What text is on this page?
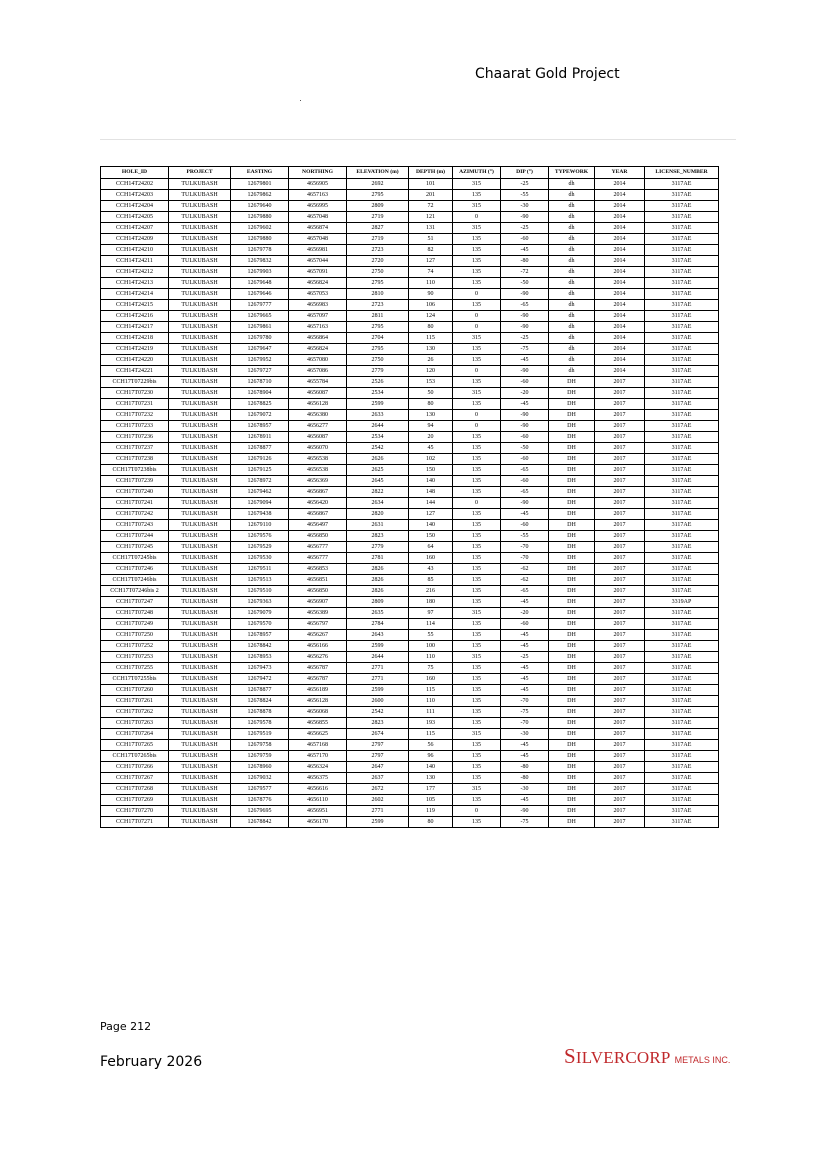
Chaarat Gold Project
HOLE_ID	PROJECT	EASTING	NORTHING	ELEVATION (m)	DEPTH (m)	AZIMUTH (°)	DIP (°)	TYPEWORK	YEAR	LICENSE_NUMBER
CCH14T24202	TULKUBASH	12679801	4656905	2692	101	315	-25	dh	2014	3117AE
CCH14T24203	TULKUBASH	12679862	4657163	2795	201	135	-55	dh	2014	3117AE
CCH14T24204	TULKUBASH	12679640	4656995	2809	72	315	-30	dh	2014	3117AE
CCH14T24205	TULKUBASH	12679880	4657048	2719	121	0	-90	dh	2014	3117AE
CCH14T24207	TULKUBASH	12679602	4656874	2827	131	315	-25	dh	2014	3117AE
CCH14T24209	TULKUBASH	12679880	4657048	2719	51	135	-60	dh	2014	3117AE
CCH14T24210	TULKUBASH	12679778	4656981	2723	82	135	-45	dh	2014	3117AE
CCH14T24211	TULKUBASH	12679832	4657044	2720	127	135	-80	dh	2014	3117AE
CCH14T24212	TULKUBASH	12679903	4657091	2750	74	135	-72	dh	2014	3117AE
CCH14T24213	TULKUBASH	12679648	4656824	2795	110	135	-50	dh	2014	3117AE
CCH14T24214	TULKUBASH	12679646	4657053	2810	90	0	-90	dh	2014	3117AE
CCH14T24215	TULKUBASH	12679777	4656983	2723	106	135	-65	dh	2014	3117AE
CCH14T24216	TULKUBASH	12679665	4657097	2811	124	0	-90	dh	2014	3117AE
CCH14T24217	TULKUBASH	12679861	4657163	2795	80	0	-90	dh	2014	3117AE
CCH14T24218	TULKUBASH	12679780	4656864	2704	115	315	-25	dh	2014	3117AE
CCH14T24219	TULKUBASH	12679647	4656824	2795	130	135	-75	dh	2014	3117AE
CCH14T24220	TULKUBASH	12679952	4657080	2750	26	135	-45	dh	2014	3117AE
CCH14T24221	TULKUBASH	12679727	4657086	2779	120	0	-90	dh	2014	3117AE
CCH17T07229bis	TULKUBASH	12678710	4655784	2526	153	135	-60	DH	2017	3117AE
CCH17T07230	TULKUBASH	12678904	4656087	2534	50	315	-20	DH	2017	3117AE
CCH17T07231	TULKUBASH	12678825	4656128	2599	80	135	-45	DH	2017	3117AE
CCH17T07232	TULKUBASH	12679072	4656380	2633	130	0	-90	DH	2017	3117AE
CCH17T07233	TULKUBASH	12678957	4656277	2644	94	0	-90	DH	2017	3117AE
CCH17T07236	TULKUBASH	12678911	4656087	2534	20	135	-60	DH	2017	3117AE
CCH17T07237	TULKUBASH	12678877	4656070	2542	45	135	-50	DH	2017	3117AE
CCH17T07238	TULKUBASH	12679126	4656538	2626	102	135	-60	DH	2017	3117AE
CCH17T07238bis	TULKUBASH	12679125	4656538	2625	150	135	-65	DH	2017	3117AE
CCH17T07239	TULKUBASH	12678972	4656369	2645	140	135	-60	DH	2017	3117AE
CCH17T07240	TULKUBASH	12679462	4656867	2822	148	135	-65	DH	2017	3117AE
CCH17T07241	TULKUBASH	12679094	4656420	2634	144	0	-90	DH	2017	3117AE
CCH17T07242	TULKUBASH	12679438	4656867	2820	127	135	-45	DH	2017	3117AE
CCH17T07243	TULKUBASH	12679110	4656497	2631	140	135	-60	DH	2017	3117AE
CCH17T07244	TULKUBASH	12679576	4656850	2823	150	135	-55	DH	2017	3117AE
CCH17T07245	TULKUBASH	12679529	4656777	2779	64	135	-70	DH	2017	3117AE
CCH17T07245bis	TULKUBASH	12679530	4656777	2781	160	135	-70	DH	2017	3117AE
CCH17T07246	TULKUBASH	12679511	4656853	2826	43	135	-62	DH	2017	3117AE
CCH17T07246bis	TULKUBASH	12679513	4656851	2826	85	135	-62	DH	2017	3117AE
CCH17T07246bis 2	TULKUBASH	12679510	4656850	2826	216	135	-65	DH	2017	3117AE
CCH17T07247	TULKUBASH	12679363	4656907	2809	180	135	-45	DH	2017	3319AP
CCH17T07248	TULKUBASH	12679079	4656389	2635	97	315	-20	DH	2017	3117AE
CCH17T07249	TULKUBASH	12679570	4656797	2784	114	135	-60	DH	2017	3117AE
CCH17T07250	TULKUBASH	12678957	4656267	2643	55	135	-45	DH	2017	3117AE
CCH17T07252	TULKUBASH	12678842	4656166	2599	100	135	-45	DH	2017	3117AE
CCH17T07253	TULKUBASH	12678953	4656276	2644	110	315	-25	DH	2017	3117AE
CCH17T07255	TULKUBASH	12679473	4656787	2771	75	135	-45	DH	2017	3117AE
CCH17T07255bis	TULKUBASH	12679472	4656787	2771	160	135	-45	DH	2017	3117AE
CCH17T07260	TULKUBASH	12678877	4656189	2599	115	135	-45	DH	2017	3117AE
CCH17T07261	TULKUBASH	12678824	4656128	2600	110	135	-70	DH	2017	3117AE
CCH17T07262	TULKUBASH	12678878	4656068	2542	111	135	-75	DH	2017	3117AE
CCH17T07263	TULKUBASH	12679578	4656855	2823	193	135	-70	DH	2017	3117AE
CCH17T07264	TULKUBASH	12679519	4656625	2674	115	315	-30	DH	2017	3117AE
CCH17T07265	TULKUBASH	12679758	4657168	2797	56	135	-45	DH	2017	3117AE
CCH17T07265bis	TULKUBASH	12679759	4657170	2797	96	135	-45	DH	2017	3117AE
CCH17T07266	TULKUBASH	12678960	4656324	2647	140	135	-80	DH	2017	3117AE
CCH17T07267	TULKUBASH	12679032	4656375	2637	130	135	-80	DH	2017	3117AE
CCH17T07268	TULKUBASH	12679577	4656616	2672	177	315	-30	DH	2017	3117AE
CCH17T07269	TULKUBASH	12678776	4656110	2602	105	135	-45	DH	2017	3117AE
CCH17T07270	TULKUBASH	12679695	4656951	2771	119	0	-90	DH	2017	3117AE
CCH17T07271	TULKUBASH	12678842	4656170	2599	80	135	-75	DH	2017	3117AE
Page 212
February 2026	SILVERCORP METALS INC.
